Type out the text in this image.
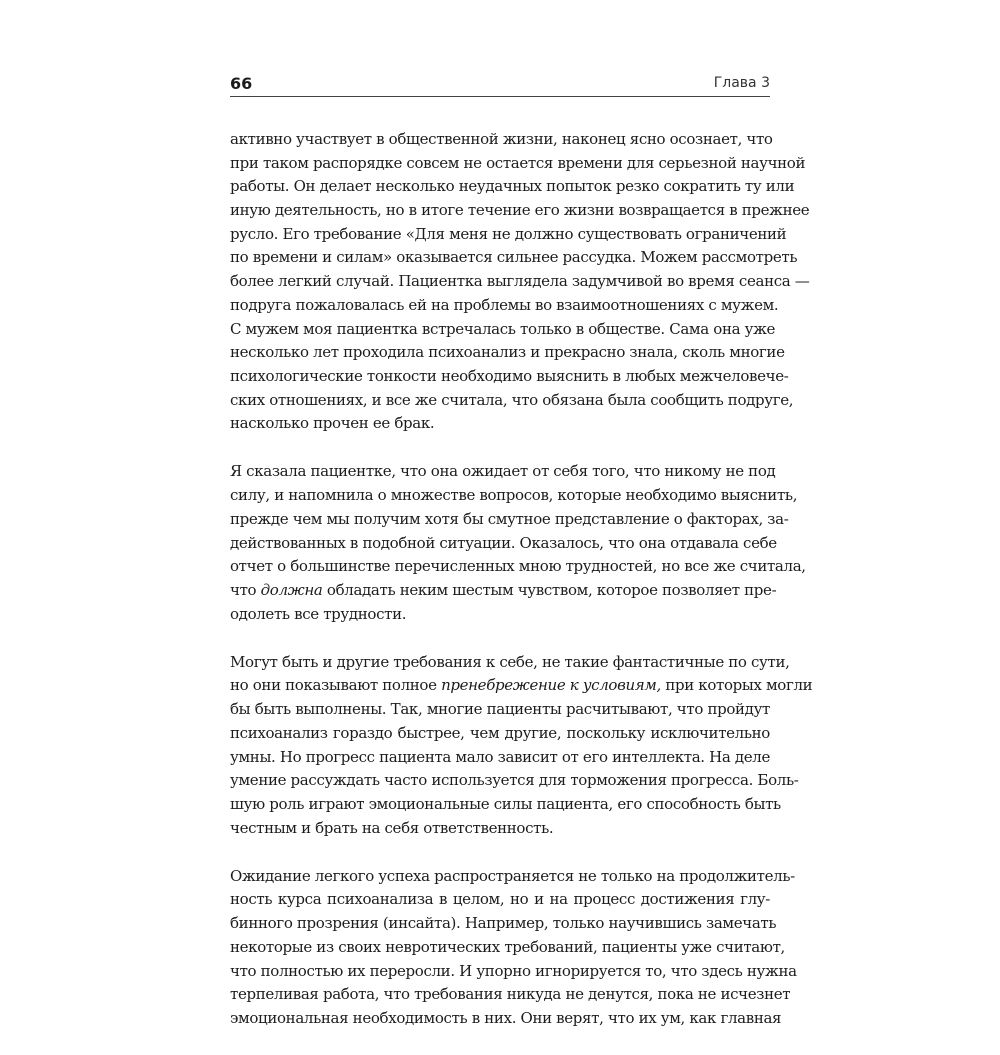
66	Глава 3
активно участвует в общественной жизни, наконец ясно осознает, что
при таком распорядке совсем не остается времени для серьезной научной
работы. Он делает несколько неудачных попыток резко сократить ту или
иную деятельность, но в итоге течение его жизни возвращается в прежнее
русло. Его требование «Для меня не должно существовать ограничений
по времени и силам» оказывается сильнее рассудка. Можем рассмотреть
более легкий случай. Пациентка выглядела задумчивой во время сеанса —
подруга пожаловалась ей на проблемы во взаимоотношениях с мужем.
С мужем моя пациентка встречалась только в обществе. Сама она уже
несколько лет проходила психоанализ и прекрасно знала, сколь многие
психологические тонкости необходимо выяснить в любых межчеловече-
ских отношениях, и все же считала, что обязана была сообщить подруге,
насколько прочен ее брак.
Я сказала пациентке, что она ожидает от себя того, что никому не под
силу, и напомнила о множестве вопросов, которые необходимо выяснить,
прежде чем мы получим хотя бы смутное представление о факторах, за-
действованных в подобной ситуации. Оказалось, что она отдавала себе
отчет о большинстве перечисленных мною трудностей, но все же считала,
что должна обладать неким шестым чувством, которое позволяет пре-
одолеть все трудности.
Могут быть и другие требования к себе, не такие фантастичные по сути,
но они показывают полное пренебрежение к условиям, при которых могли
бы быть выполнены. Так, многие пациенты расчитывают, что пройдут
психоанализ гораздо быстрее, чем другие, поскольку исключительно
умны. Но прогресс пациента мало зависит от его интеллекта. На деле
умение рассуждать часто используется для торможения прогресса. Боль-
шую роль играют эмоциональные силы пациента, его способность быть
честным и брать на себя ответственность.
Ожидание легкого успеха распространяется не только на продолжитель-
ность курса психоанализа в целом, но и на процесс достижения глу-
бинного прозрения (инсайта). Например, только научившись замечать
некоторые из своих невротических требований, пациенты уже считают,
что полностью их переросли. И упорно игнорируется то, что здесь нужна
терпеливая работа, что требования никуда не денутся, пока не исчезнет
эмоциональная необходимость в них. Они верят, что их ум, как главная
